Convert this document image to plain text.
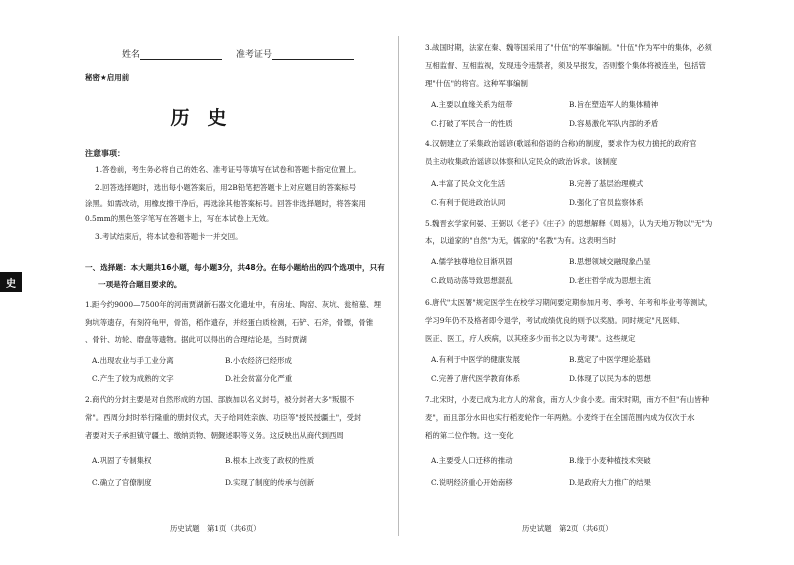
姓名	准考证号
秘密★启用前
历史
注意事项：
1.答卷前，考生务必将自己的姓名、准考证号等填写在试卷和答题卡指定位置上。
2.回答选择题时，选出每小题答案后，用2B铅笔把答题卡上对应题目的答案标号
涂黑。如需改动，用橡皮擦干净后，再选涂其他答案标号。回答非选择题时，将答案用
0.5mm的黑色签字笔写在答题卡上，写在本试卷上无效。
3.考试结束后，将本试卷和答题卡一并交回。
一、选择题：本大题共16小题，每小题3分，共48分。在每小题给出的四个选项中，只有
一项是符合题目要求的。
1.距今约9000—7500年的河南贾湖新石器文化遗址中，有房址、陶窑、灰坑、瓮棺墓、埋
狗坑等遗存，有刻符龟甲，骨笛，稻作遗存，并经蛋白质检测，石铲、石斧，骨镖，骨锥
、骨针、坊轮、磨盘等遗物。据此可以得出的合理结论是，当时贾湖
A.出现农业与手工业分离	B.小农经济已经形成
C.产生了较为成熟的文字	D.社会贫富分化严重
2.商代的分封主要是对自然形成的方国、部族加以名义封号，被分封者大多"叛服不
常"。西周分封时举行隆重的册封仪式，天子给同姓亲族、功臣等"授民授疆土"，受封
者要对天子承担镇守疆土、缴纳贡物、朝觐述职等义务。这反映出从商代到西周
A.巩固了专制集权	B.根本上改变了政权的性质
C.确立了官僚制度	D.实现了制度的传承与创新
历史试题　第1页（共6页）
史
3.战国时期，法家在秦、魏等国采用了"什伍"的军事编制。"什伍"作为军中的集体，必须
互相监督、互相监视，发现违令违禁者，须及早报发，否则整个集体将被连坐，包括管
理"什伍"的将官。这种军事编制
A.主要以血缘关系为纽带	B.旨在塑造军人的集体精神
C.打破了军民合一的性质	D.容易激化军队内部的矛盾
4.汉朝建立了采集政治谣谚(歌谣和俗语的合称)的制度，要求作为权力掮托的政府官
员主动收集政治谣谚以体察和认定民众的政治诉求。该制度
A.丰富了民众文化生活	B.完善了基层治理模式
C.有利于促进政治认同	D.强化了官员监察体系
5.魏晋玄学家何晏、王弼以《老子》《庄子》的思想解释《周易》，认为天地万物以"无"为
本，以道家的"自然"为无，儒家的"名教"为有。这表明当时
A.儒学独尊地位目渐巩固	B.思想领域交融现象凸显
C.政局动荡导致思想混乱	D.老庄哲学成为思想主流
6.唐代"太医署"规定医学生在校学习期间要定期参加月考、季考、年考和毕业考等测试，
学习9年仍不及格者即令退学，考试成绩优良的则予以奖励。同时规定"凡医师、
医正、医工，疗人疾病，以其痊多少而书之以为考课"。这些规定
A.有利于中医学的健康发展	B.奠定了中医学理论基础
C.完善了唐代医学教育体系	D.体现了以民为本的思想
7.北宋时，小麦已成为北方人的常食，南方人少食小麦。南宋时期，南方不但"有山皆种
麦"，而且部分水田也实行稻麦轮作一年两熟。小麦终于在全国范围内成为仅次于水
稻的第二位作物。这一变化
A.主要受人口迁移的推动	B.缘于小麦种植技术突破
C.说明经济重心开始南移	D.是政府大力推广的结果
历史试题　第2页（共6页）
